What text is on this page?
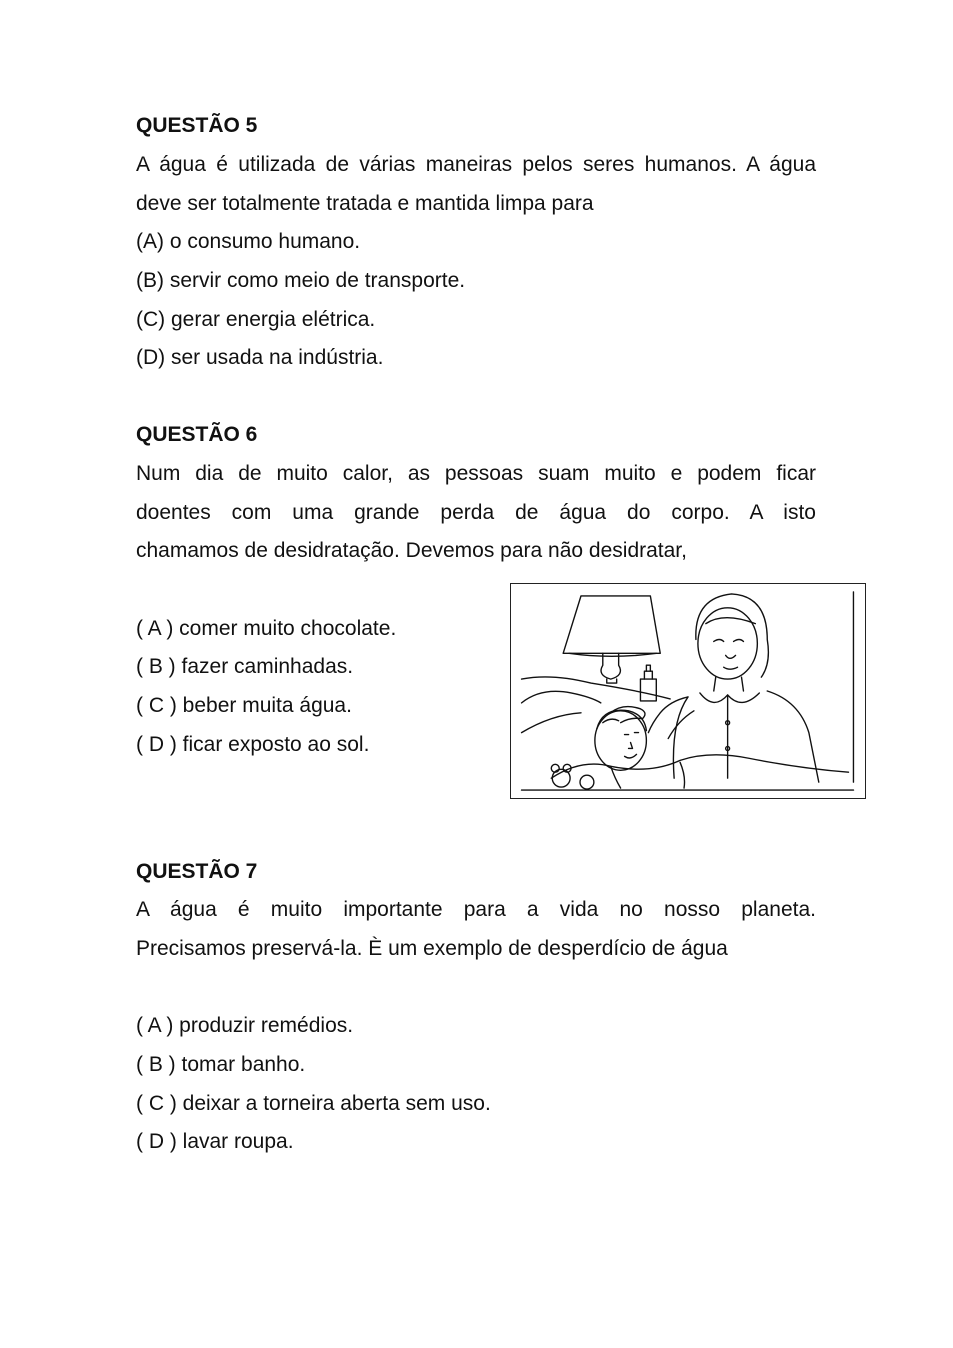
QUESTÃO 5
A água é utilizada de várias maneiras pelos seres humanos. A água
deve ser totalmente tratada e mantida limpa para
(A) o consumo humano.
(B) servir como meio de transporte.
(C) gerar energia elétrica.
(D) ser usada na indústria.
QUESTÃO 6
Num dia de muito calor, as pessoas suam muito e podem ficar
doentes com uma grande perda de água do corpo. A isto
chamamos de desidratação. Devemos para não desidratar,
( A ) comer muito chocolate.
( B ) fazer caminhadas.
( C ) beber muita água.
( D ) ficar exposto ao sol.
QUESTÃO 7
A água é muito importante para a vida no nosso planeta.
Precisamos preservá-la. È um exemplo de desperdício de água
( A ) produzir remédios.
( B ) tomar banho.
( C ) deixar a torneira aberta sem uso.
( D ) lavar roupa.
